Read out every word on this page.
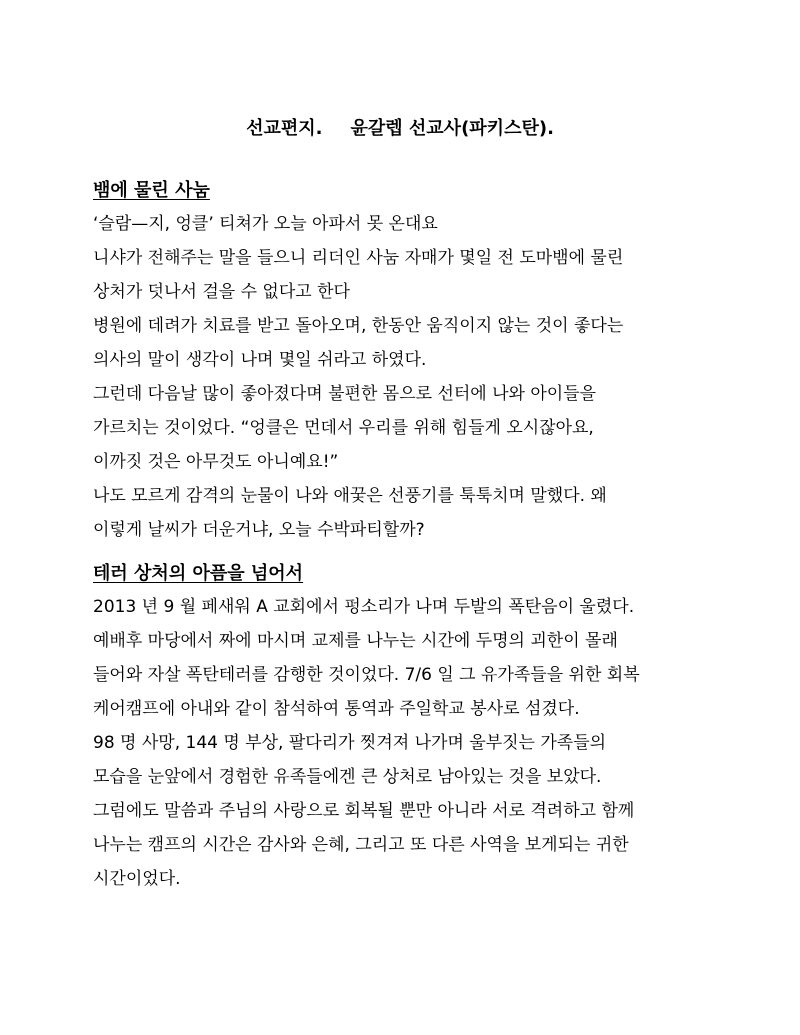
선교편지. 윤갈렙 선교사(파키스탄).
뱀에 물린 사눔
‘슬람—지, 엉클’ 티쳐가 오늘 아파서 못 온대요
니샤가 전해주는 말을 들으니 리더인 사눔 자매가 몇일 전 도마뱀에 물린
상처가 덧나서 걸을 수 없다고 한다
병원에 데려가 치료를 받고 돌아오며, 한동안 움직이지 않는 것이 좋다는
의사의 말이 생각이 나며 몇일 쉬라고 하였다.
그런데 다음날 많이 좋아졌다며 불편한 몸으로 선터에 나와 아이들을
가르치는 것이었다. “엉클은 먼데서 우리를 위해 힘들게 오시잖아요,
이까짓 것은 아무것도 아니예요!”
나도 모르게 감격의 눈물이 나와 애꿎은 선풍기를 툭툭치며 말했다. 왜
이렇게 날씨가 더운거냐, 오늘 수박파티할까?
테러 상처의 아픔을 넘어서
2013 년 9 월 페새워 A 교회에서 펑소리가 나며 두발의 폭탄음이 울렸다.
예배후 마당에서 짜에 마시며 교제를 나누는 시간에 두명의 괴한이 몰래
들어와 자살 폭탄테러를 감행한 것이었다. 7/6 일 그 유가족들을 위한 회복
케어캠프에 아내와 같이 참석하여 통역과 주일학교 봉사로 섬겼다.
98 명 사망, 144 명 부상, 팔다리가 찟겨져 나가며 울부짓는 가족들의
모습을 눈앞에서 경험한 유족들에겐 큰 상처로 남아있는 것을 보았다.
그럼에도 말씀과 주님의 사랑으로 회복될 뿐만 아니라 서로 격려하고 함께
나누는 캠프의 시간은 감사와 은혜, 그리고 또 다른 사역을 보게되는 귀한
시간이었다.
